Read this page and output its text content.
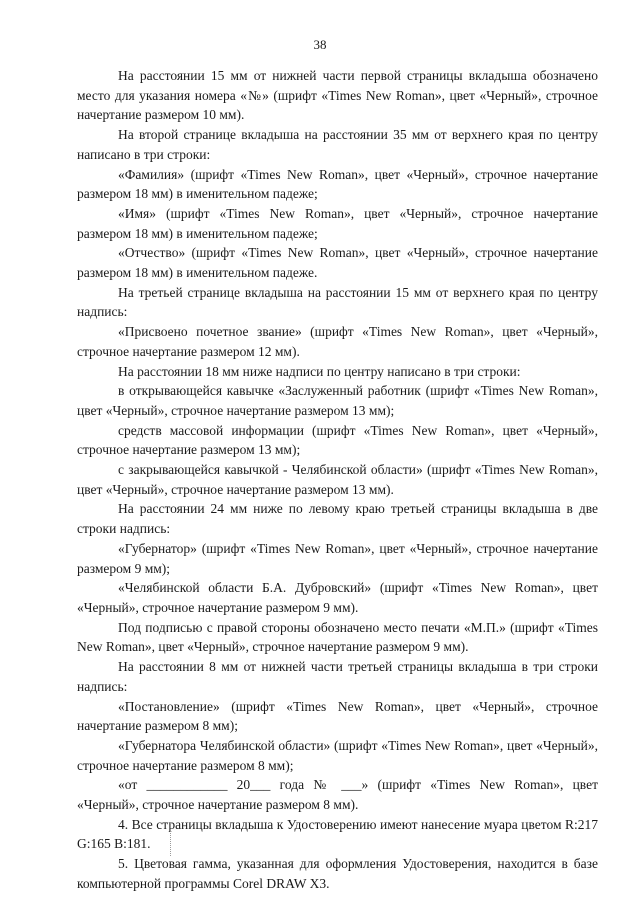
38

На расстоянии 15 мм от нижней части первой страницы вкладыша обозначено место для указания номера «№» (шрифт «Times New Roman», цвет «Черный», строчное начертание размером 10 мм).

На второй странице вкладыша на расстоянии 35 мм от верхнего края по центру написано в три строки:

«Фамилия» (шрифт «Times New Roman», цвет «Черный», строчное начертание размером 18 мм) в именительном падеже;

«Имя» (шрифт «Times New Roman», цвет «Черный», строчное начертание размером 18 мм) в именительном падеже;

«Отчество» (шрифт «Times New Roman», цвет «Черный», строчное начертание размером 18 мм) в именительном падеже.

На третьей странице вкладыша на расстоянии 15 мм от верхнего края по центру надпись:

«Присвоено почетное звание» (шрифт «Times New Roman», цвет «Черный», строчное начертание размером 12 мм).

На расстоянии 18 мм ниже надписи по центру написано в три строки:

в открывающейся кавычке «Заслуженный работник (шрифт «Times New Roman», цвет «Черный», строчное начертание размером 13 мм);

средств массовой информации (шрифт «Times New Roman», цвет «Черный», строчное начертание размером 13 мм);

с закрывающейся кавычкой - Челябинской области» (шрифт «Times New Roman», цвет «Черный», строчное начертание размером 13 мм).

На расстоянии 24 мм ниже по левому краю третьей страницы вкладыша в две строки надпись:

«Губернатор» (шрифт «Times New Roman», цвет «Черный», строчное начертание размером 9 мм);

«Челябинской области Б.А. Дубровский» (шрифт «Times New Roman», цвет «Черный», строчное начертание размером 9 мм).

Под подписью с правой стороны обозначено место печати «М.П.» (шрифт «Times New Roman», цвет «Черный», строчное начертание размером 9 мм).

На расстоянии 8 мм от нижней части третьей страницы вкладыша в три строки надпись:

«Постановление» (шрифт «Times New Roman», цвет «Черный», строчное начертание размером 8 мм);

«Губернатора Челябинской области» (шрифт «Times New Roman», цвет «Черный», строчное начертание размером 8 мм);

«от ____________ 20___ года № ___» (шрифт «Times New Roman», цвет «Черный», строчное начертание размером 8 мм).

4. Все страницы вкладыша к Удостоверению имеют нанесение муара цветом R:217 G:165 B:181.

5. Цветовая гамма, указанная для оформления Удостоверения, находится в базе компьютерной программы Corel DRAW X3.
